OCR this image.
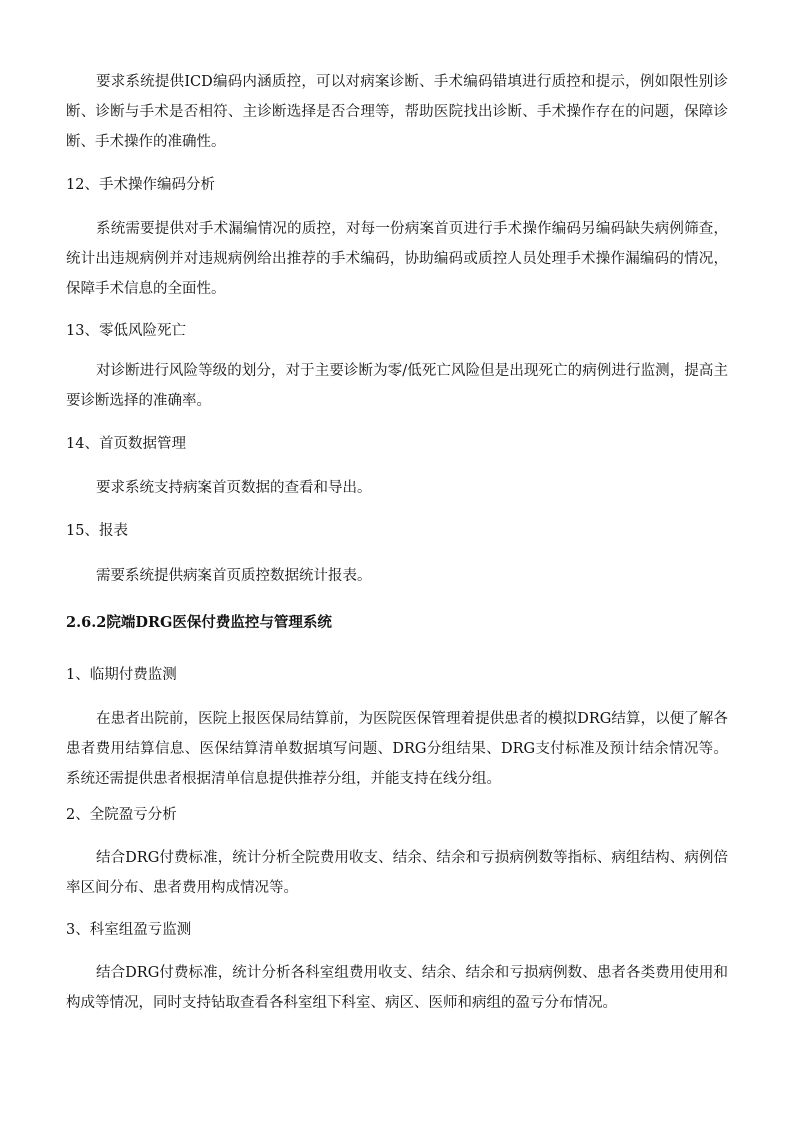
要求系统提供ICD编码内涵质控，可以对病案诊断、手术编码错填进行质控和提示，例如限性别诊断、诊断与手术是否相符、主诊断选择是否合理等，帮助医院找出诊断、手术操作存在的问题，保障诊断、手术操作的准确性。

12、手术操作编码分析

系统需要提供对手术漏编情况的质控，对每一份病案首页进行手术操作编码另编码缺失病例筛查，统计出违规病例并对违规病例给出推荐的手术编码，协助编码或质控人员处理手术操作漏编码的情况，保障手术信息的全面性。

13、零低风险死亡

对诊断进行风险等级的划分，对于主要诊断为零/低死亡风险但是出现死亡的病例进行监测，提高主要诊断选择的准确率。

14、首页数据管理

要求系统支持病案首页数据的查看和导出。

15、报表

需要系统提供病案首页质控数据统计报表。

2.6.2院端DRG医保付费监控与管理系统

1、临期付费监测

在患者出院前，医院上报医保局结算前，为医院医保管理着提供患者的模拟DRG结算，以便了解各患者费用结算信息、医保结算清单数据填写问题、DRG分组结果、DRG支付标准及预计结余情况等。系统还需提供患者根据清单信息提供推荐分组，并能支持在线分组。

2、全院盈亏分析

结合DRG付费标准，统计分析全院费用收支、结余、结余和亏损病例数等指标、病组结构、病例倍率区间分布、患者费用构成情况等。

3、科室组盈亏监测

结合DRG付费标准，统计分析各科室组费用收支、结余、结余和亏损病例数、患者各类费用使用和构成等情况，同时支持钻取查看各科室组下科室、病区、医师和病组的盈亏分布情况。
